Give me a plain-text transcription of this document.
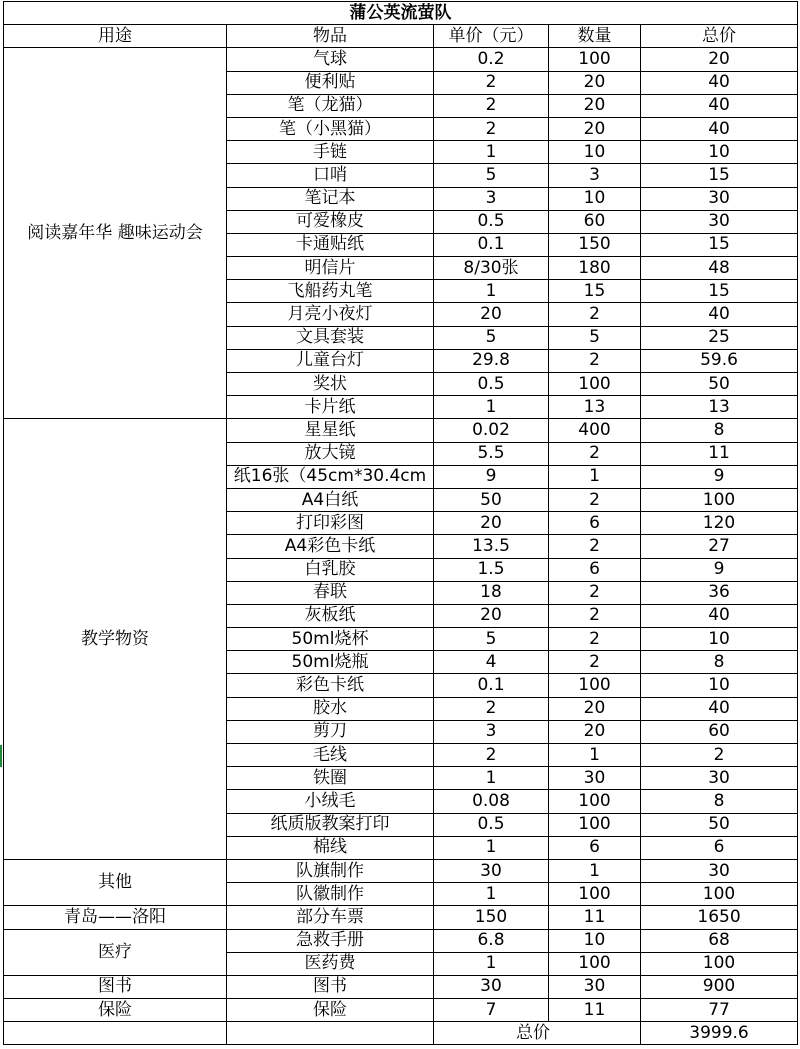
蒲公英流萤队				
用途	物品	单价（元）	数量	总价
阅读嘉年华 趣味运动会	气球	0.2	100	20
	便利贴	2	20	40
	笔（龙猫）	2	20	40
	笔（小黑猫）	2	20	40
	手链	1	10	10
	口哨	5	3	15
	笔记本	3	10	30
	可爱橡皮	0.5	60	30
	卡通贴纸	0.1	150	15
	明信片	8/30张	180	48
	飞船药丸笔	1	15	15
	月亮小夜灯	20	2	40
	文具套装	5	5	25
	儿童台灯	29.8	2	59.6
	奖状	0.5	100	50
	卡片纸	1	13	13
教学物资	星星纸	0.02	400	8
	放大镜	5.5	2	11
	纸16张（45cm*30.4cm	9	1	9
	A4白纸	50	2	100
	打印彩图	20	6	120
	A4彩色卡纸	13.5	2	27
	白乳胶	1.5	6	9
	春联	18	2	36
	灰板纸	20	2	40
	50ml烧杯	5	2	10
	50ml烧瓶	4	2	8
	彩色卡纸	0.1	100	10
	胶水	2	20	40
	剪刀	3	20	60
	毛线	2	1	2
	铁圈	1	30	30
	小绒毛	0.08	100	8
	纸质版教案打印	0.5	100	50
	棉线	1	6	6
其他	队旗制作	30	1	30
	队徽制作	1	100	100
青岛——洛阳	部分车票	150	11	1650
医疗	急救手册	6.8	10	68
	医药费	1	100	100
图书	图书	30	30	900
保险	保险	7	11	77
		总价		3999.6
